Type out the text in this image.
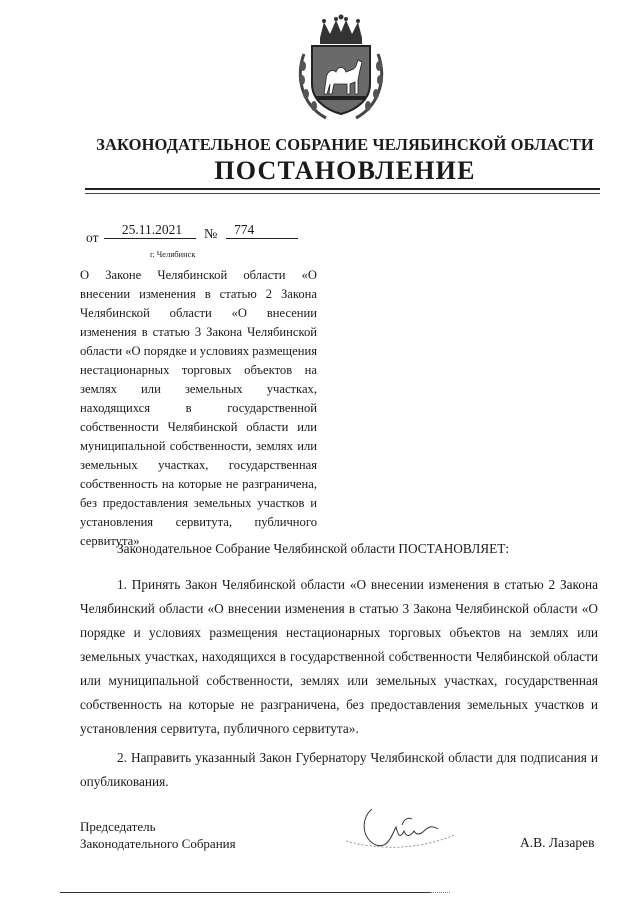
ЗАКОНОДАТЕЛЬНОЕ СОБРАНИЕ ЧЕЛЯБИНСКОЙ ОБЛАСТИ
ПОСТАНОВЛЕНИЕ
от
25.11.2021	№	774
г. Челябинск

О Законе Челябинской области «О внесении изменения в статью 2 Закона Челябинской области «О внесении изменения в статью 3 Закона Челябинской области «О порядке и условиях размещения нестационарных торговых объектов на землях или земельных участках, находящихся в государственной собственности Челябинской области или муниципальной собственности, землях или земельных участках, государственная собственность на которые не разграничена, без предоставления земельных участков и установления сервитута, публичного сервитута»

Законодательное Собрание Челябинской области ПОСТАНОВЛЯЕТ:

1. Принять Закон Челябинской области «О внесении изменения в статью 2 Закона Челябинский области «О внесении изменения в статью 3 Закона Челябинской области «О порядке и условиях размещения нестационарных торговых объектов на землях или земельных участках, находящихся в государственной собственности Челябинской области или муниципальной собственности, землях или земельных участках, государственная собственность на которые не разграничена, без предоставления земельных участков и установления сервитута, публичного сервитута».

2. Направить указанный Закон Губернатору Челябинской области для подписания и опубликования.

Председатель
Законодательного Собрания	А.В. Лазарев
